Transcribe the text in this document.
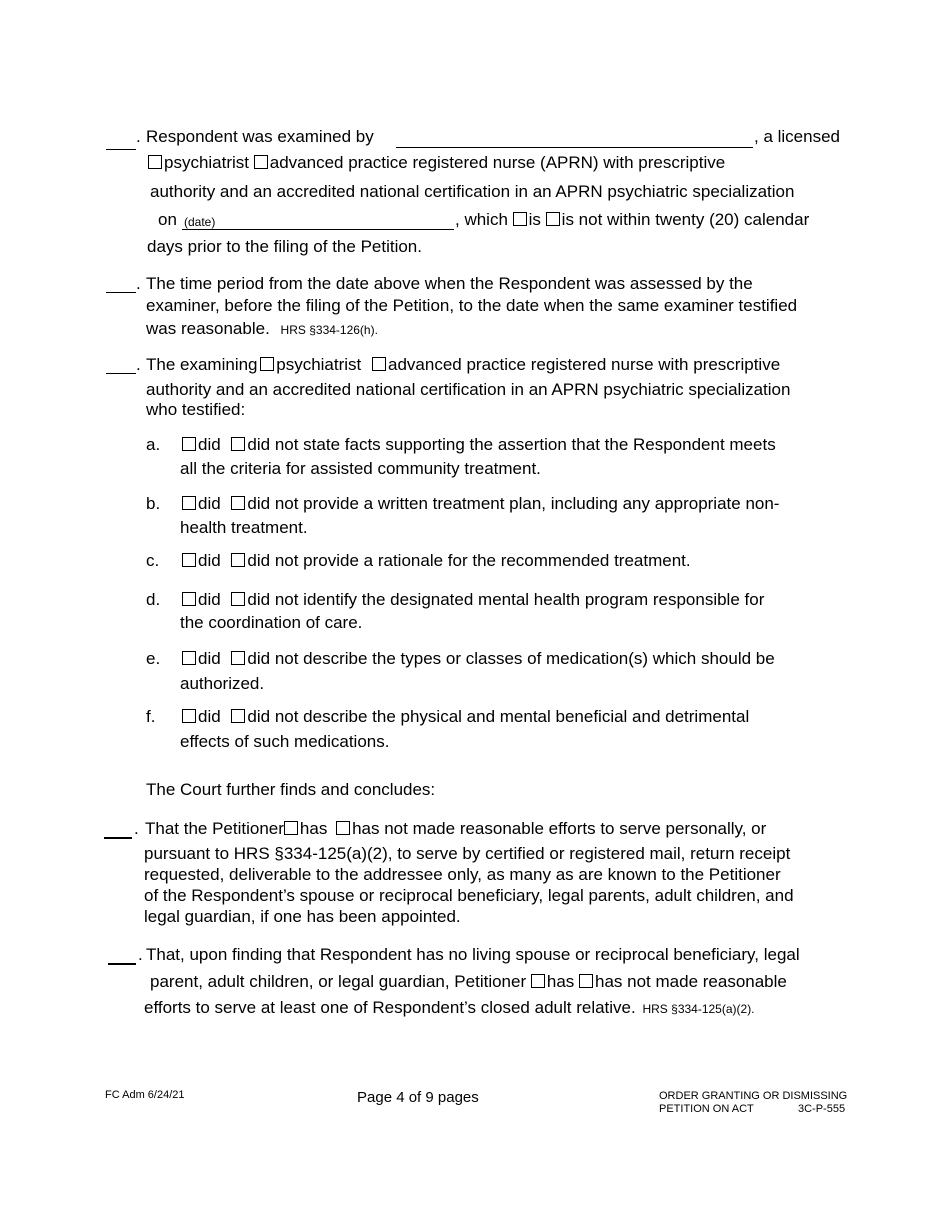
. Respondent was examined by	, a licensed
psychiatrist advanced practice registered nurse (APRN) with prescriptive
authority and an accredited national certification in an APRN psychiatric specialization
on (date)	, which is is not within twenty (20) calendar
days prior to the filing of the Petition.
. The time period from the date above when the Respondent was assessed by the
examiner, before the filing of the Petition, to the date when the same examiner testified
was reasonable. HRS §334-126(h).
. The examining psychiatrist advanced practice registered nurse with prescriptive
authority and an accredited national certification in an APRN psychiatric specialization
who testified:
a.	did did not state facts supporting the assertion that the Respondent meets
all the criteria for assisted community treatment.
b.	did did not provide a written treatment plan, including any appropriate non-
health treatment.
c.	did did not provide a rationale for the recommended treatment.
d.	did did not identify the designated mental health program responsible for
the coordination of care.
e.	did did not describe the types or classes of medication(s) which should be
authorized.
f.	did did not describe the physical and mental beneficial and detrimental
effects of such medications.
The Court further finds and concludes:
. That the Petitioner has has not made reasonable efforts to serve personally, or
pursuant to HRS §334-125(a)(2), to serve by certified or registered mail, return receipt
requested, deliverable to the addressee only, as many as are known to the Petitioner
of the Respondent’s spouse or reciprocal beneficiary, legal parents, adult children, and
legal guardian, if one has been appointed.
. That, upon finding that Respondent has no living spouse or reciprocal beneficiary, legal
parent, adult children, or legal guardian, Petitioner has has not made reasonable
efforts to serve at least one of Respondent’s closed adult relative. HRS §334-125(a)(2).
FC Adm 6/24/21	Page 4 of 9 pages	ORDER GRANTING OR DISMISSING
PETITION ON ACT	3C-P-555
